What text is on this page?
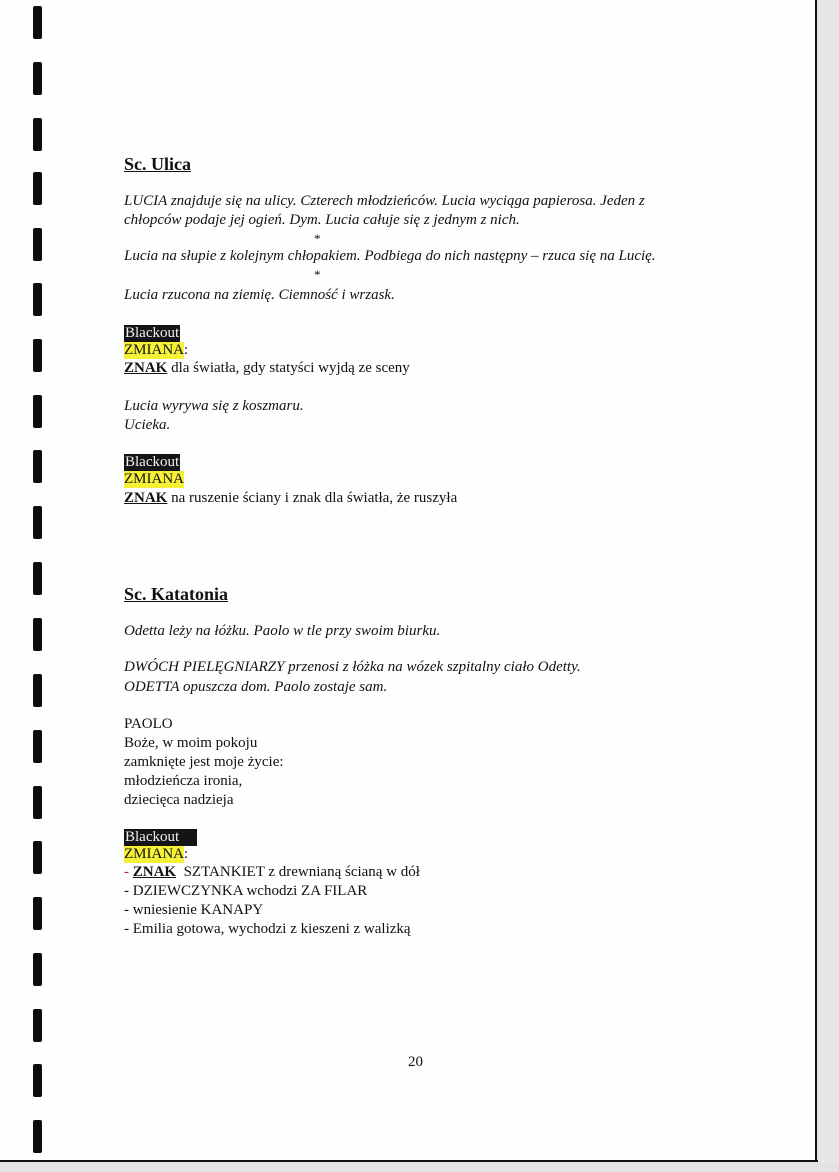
Sc. Ulica
LUCIA znajduje się na ulicy. Czterech młodzieńców. Lucia wyciąga papierosa. Jeden z
chłopców podaje jej ogień. Dym. Lucia całuje się z jednym z nich.
*
Lucia na słupie z kolejnym chłopakiem. Podbiega do nich następny – rzuca się na Lucię.
*
Lucia rzucona na ziemię. Ciemność i wrzask.
Blackout
ZMIANA:
ZNAK dla światła, gdy statyści wyjdą ze sceny
Lucia wyrywa się z koszmaru.
Ucieka.
Blackout
ZMIANA
ZNAK na ruszenie ściany i znak dla światła, że ruszyła
Sc. Katatonia
Odetta leży na łóżku. Paolo w tle przy swoim biurku.
DWÓCH PIELĘGNIARZY przenosi z łóżka na wózek szpitalny ciało Odetty.
ODETTA opuszcza dom. Paolo zostaje sam.
PAOLO
Boże, w moim pokoju
zamknięte jest moje życie:
młodzieńcza ironia,
dziecięca nadzieja
Blackout
ZMIANA:
- ZNAK  SZTANKIET z drewnianą ścianą w dół
- DZIEWCZYNKA wchodzi ZA FILAR
- wniesienie KANAPY
- Emilia gotowa, wychodzi z kieszeni z walizką
20
